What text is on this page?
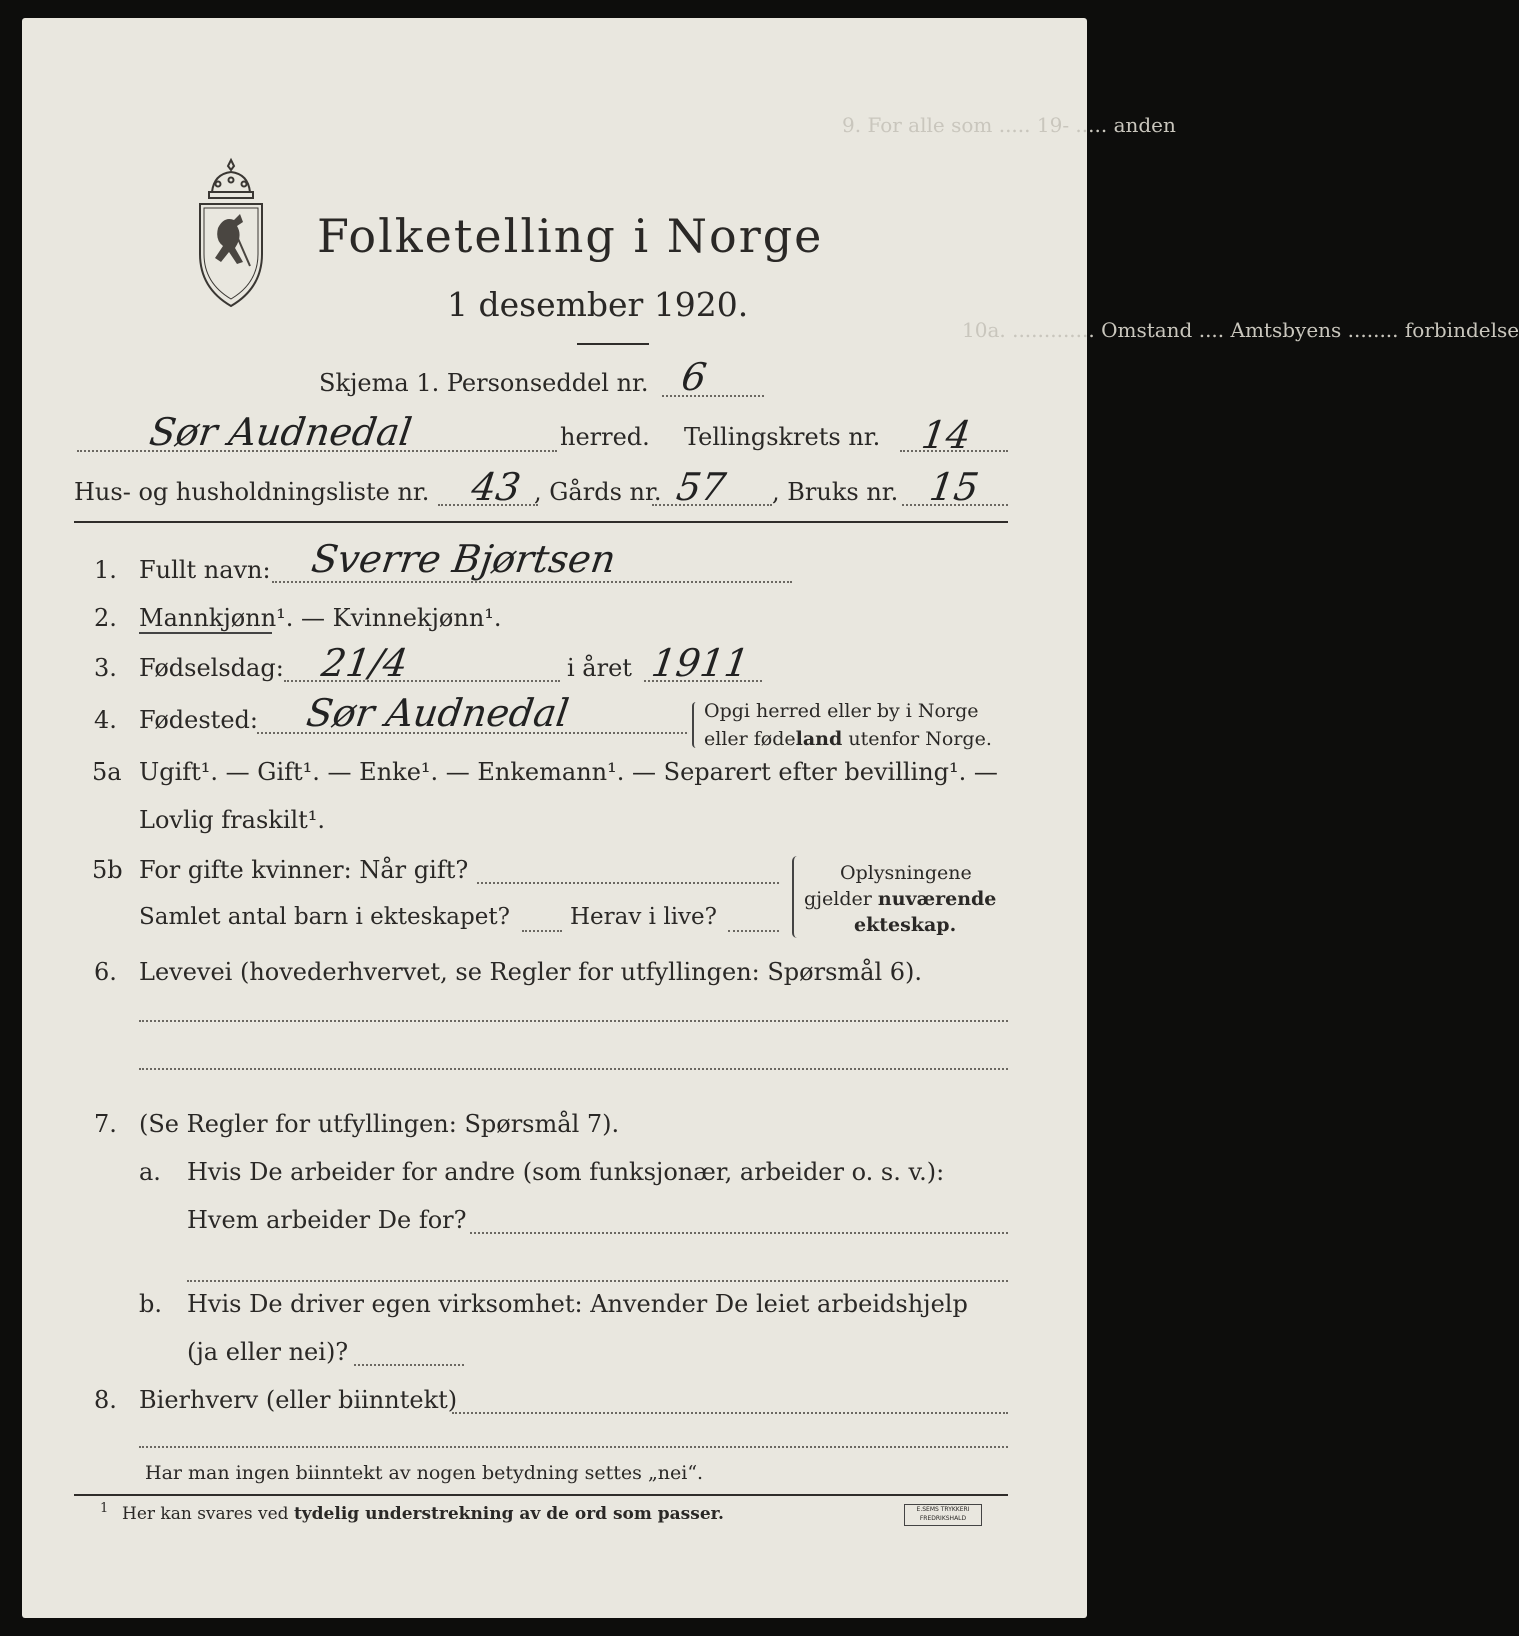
9. For alle som ..... 19- ..... anden
10a. ............. Omstand .... Amtsbyens ........ forbindelse
Folketelling i Norge
1 desember 1920.
Skjema 1. Personseddel nr. 6
Sør Audnedal	herred. Tellingskrets nr. 14
Hus- og husholdningsliste nr. 43 , Gårds nr. 57 , Bruks nr. 15
1. Fullt navn: Sverre Bjørtsen
2. Mannkjønn¹. — Kvinnekjønn¹.
3. Fødselsdag: 21/4	i året 1911
4. Fødested: Sør Audnedal	Opgi herred eller by i Norge
eller fødeland utenfor Norge.
5a Ugift¹. — Gift¹. — Enke¹. — Enkemann¹. — Separert efter bevilling¹. —
Lovlig fraskilt¹.
5b For gifte kvinner: Når gift?
Samlet antal barn i ekteskapet?	Herav i live?
Oplysningene
gjelder nuværende
ekteskap.
6. Levevei (hovederhvervet, se Regler for utfyllingen: Spørsmål 6).
7. (Se Regler for utfyllingen: Spørsmål 7).
a. Hvis De arbeider for andre (som funksjonær, arbeider o. s. v.):
Hvem arbeider De for?
b. Hvis De driver egen virksomhet: Anvender De leiet arbeidshjelp
(ja eller nei)?
8. Bierhverv (eller biinntekt)
Har man ingen biinntekt av nogen betydning settes „nei“.
1 Her kan svares ved tydelig understrekning av de ord som passer.	E.SEMS TRYKKERI
FREDRIKSHALD
